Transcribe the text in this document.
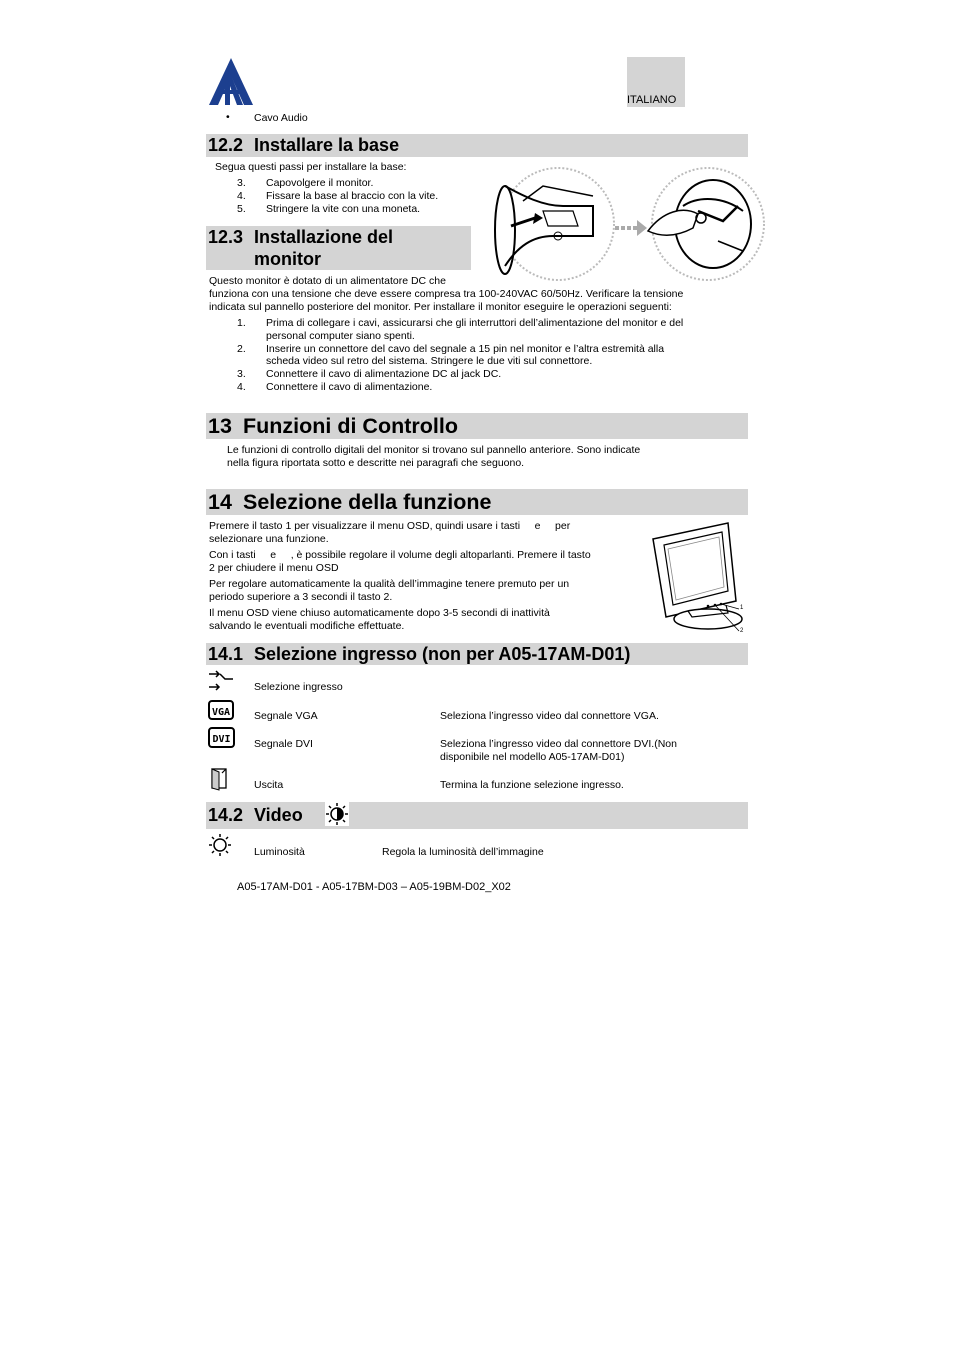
ITALIANO
• Cavo Audio
12.2 Installare la base
Segua questi passi per installare la base:
3. Capovolgere il monitor.
4. Fissare la base al braccio con la vite.
5. Stringere la vite con una moneta.
12.3 Installazione del
monitor
Questo monitor è dotato di un alimentatore DC che
funziona con una tensione che deve essere compresa tra 100-240VAC 60/50Hz. Verificare la tensione
indicata sul pannello posteriore del monitor. Per installare il monitor eseguire le operazioni seguenti:
1. Prima di collegare i cavi, assicurarsi che gli interruttori dell’alimentazione del monitor e del
personal computer siano spenti.
2. Inserire un connettore del cavo del segnale a 15 pin nel monitor e l’altra estremità alla
scheda video sul retro del sistema. Stringere le due viti sul connettore.
3. Connettere il cavo di alimentazione DC al jack DC.
4. Connettere il cavo di alimentazione.
13 Funzioni di Controllo
Le funzioni di controllo digitali del monitor si trovano sul pannello anteriore. Sono indicate
nella figura riportata sotto e descritte nei paragrafi che seguono.
14 Selezione della funzione
Premere il tasto 1 per visualizzare il menu OSD, quindi usare i tasti     e     per
selezionare una funzione.
Con i tasti     e     , è possibile regolare il volume degli altoparlanti. Premere il tasto
2 per chiudere il menu OSD
Per regolare automaticamente la qualità dell’immagine tenere premuto per un
periodo superiore a 3 secondi il tasto 2.
Il menu OSD viene chiuso automaticamente dopo 3-5 secondi di inattività
salvando le eventuali modifiche effettuate.
1
2
14.1 Selezione ingresso (non per A05-17AM-D01)
Selezione ingresso
VGA	Segnale VGA	Seleziona l’ingresso video dal connettore VGA.
DVI	Segnale DVI	Seleziona l’ingresso video dal connettore DVI.(Non
disponibile nel modello A05-17AM-D01)
Uscita	Termina la funzione selezione ingresso.
14.2 Video
Luminosità	Regola la luminosità dell’immagine
A05-17AM-D01 - A05-17BM-D03 – A05-19BM-D02_X02
